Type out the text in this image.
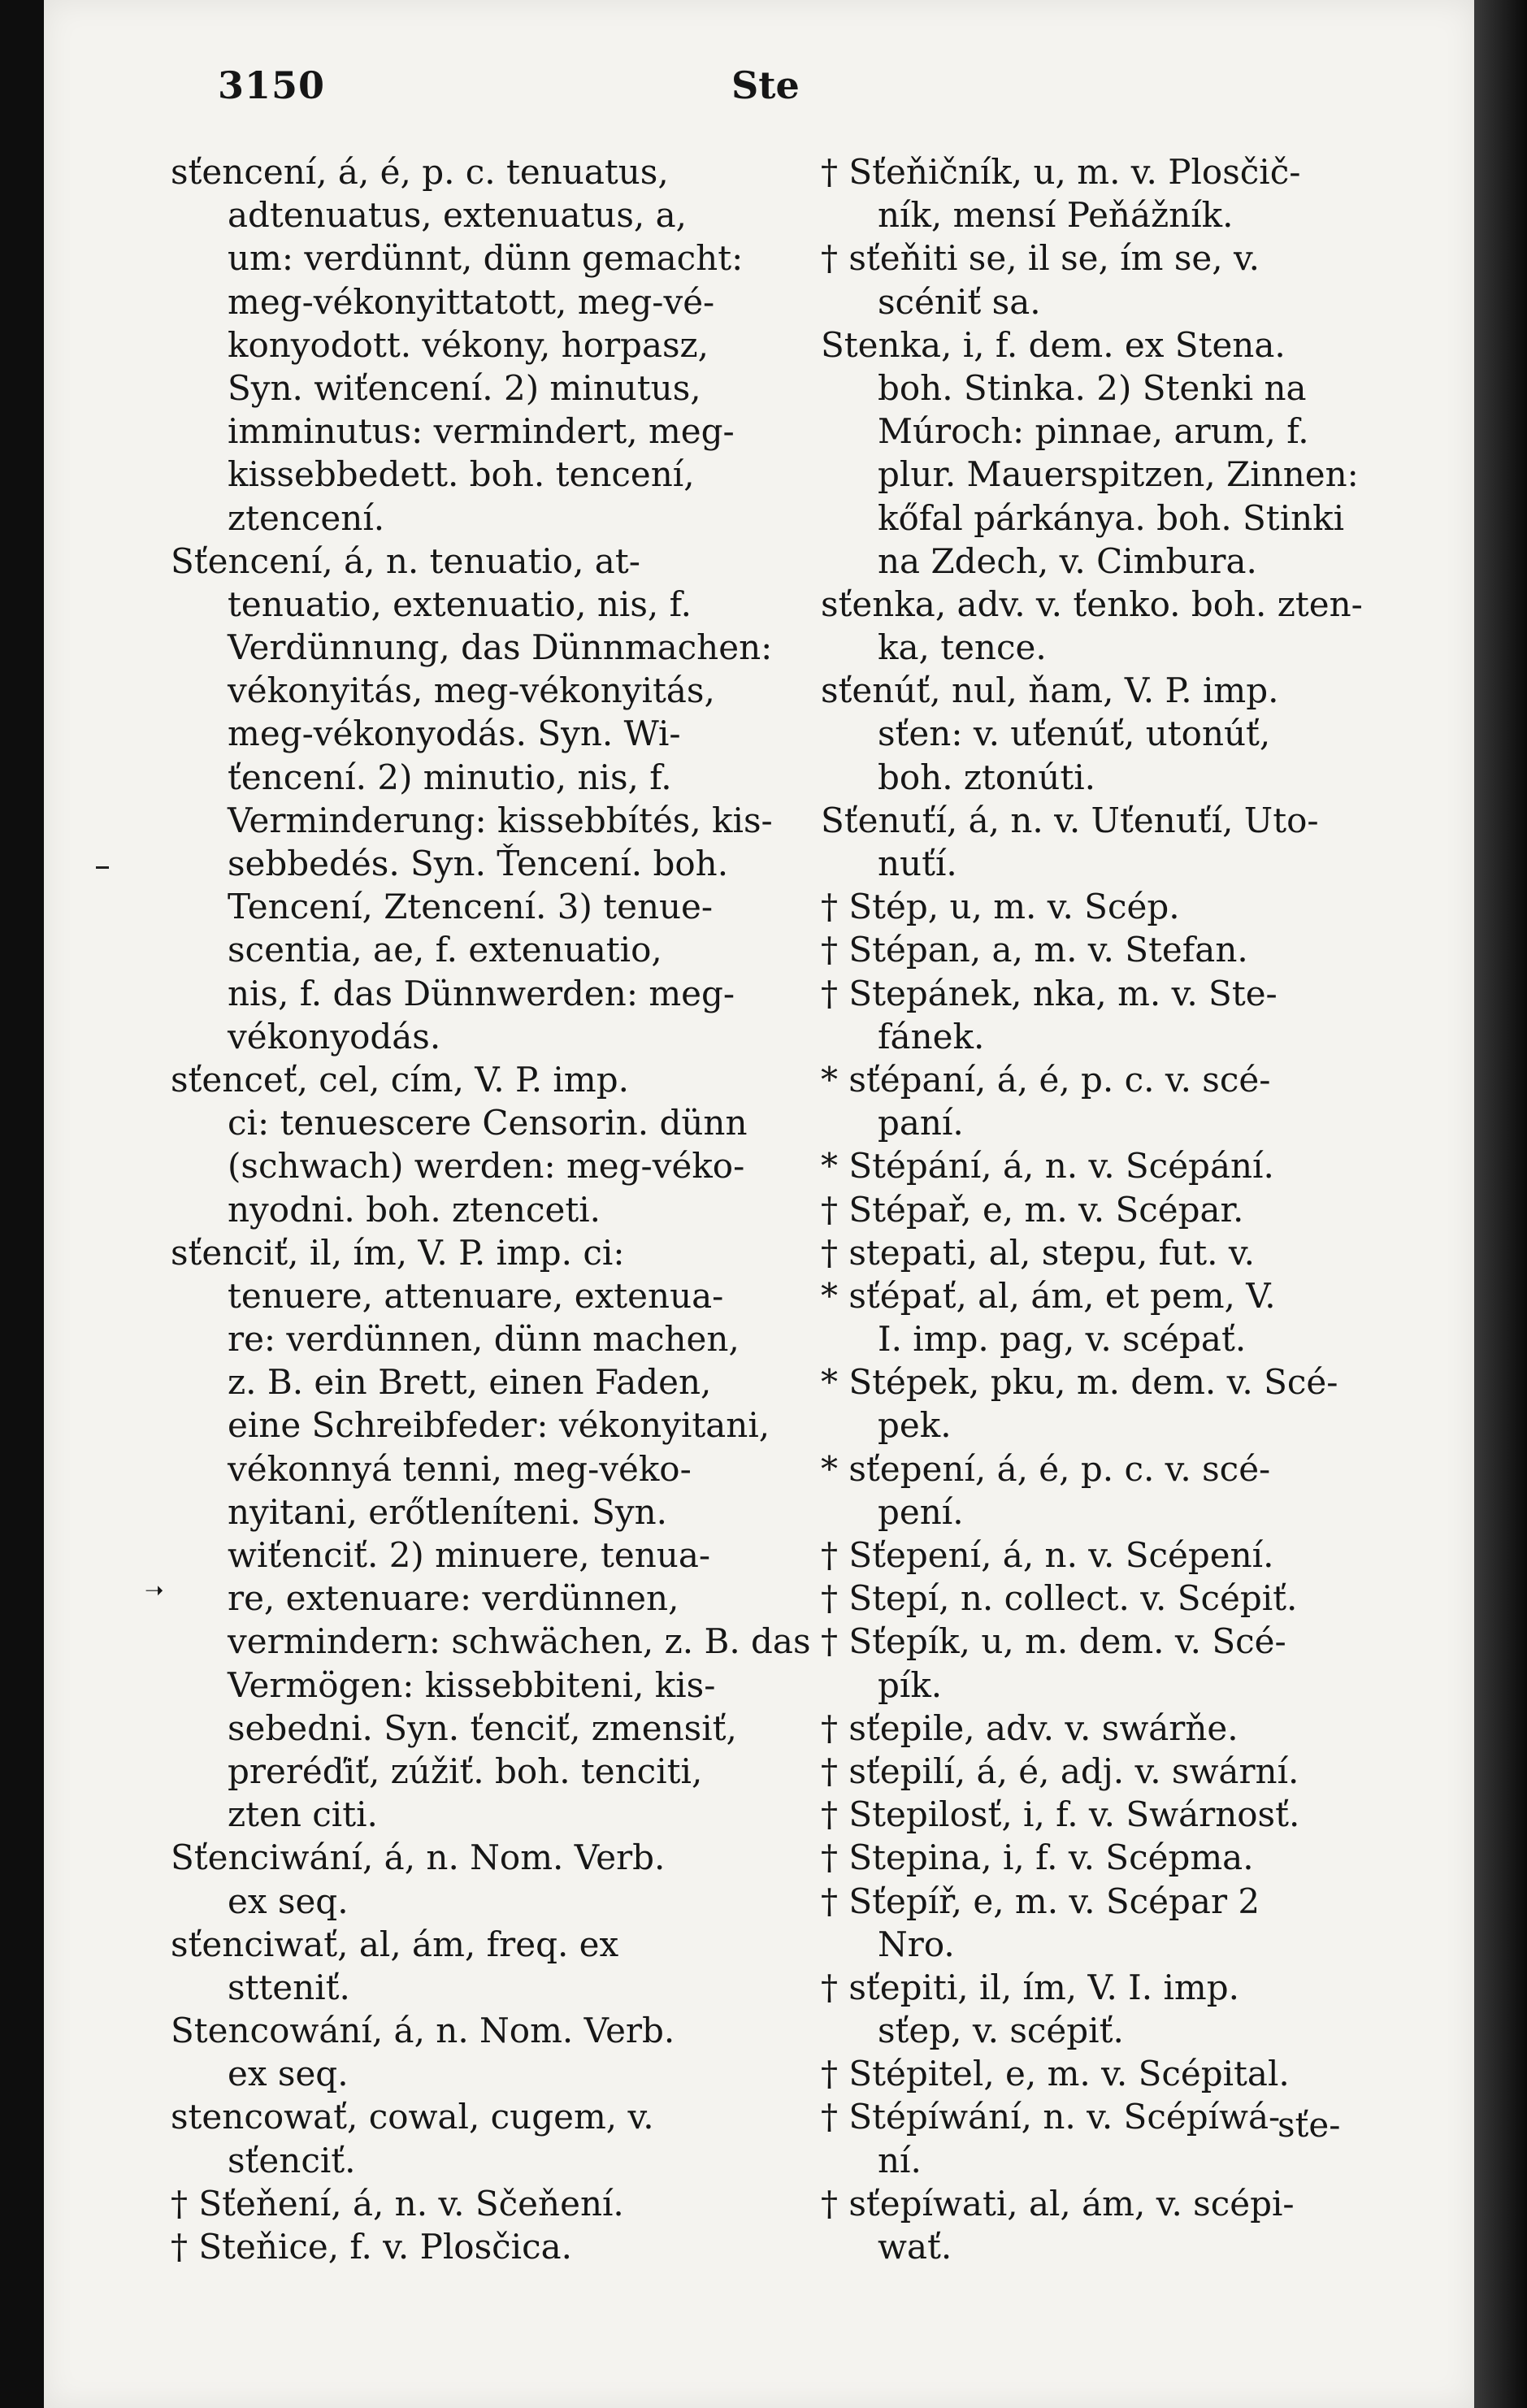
3150	Ste
sťencení, á, é, p. c. tenuatus,
adtenuatus, extenuatus, a,
um: verdünnt, dünn gemacht:
meg-vékonyittatott, meg-vé-
konyodott. vékony, horpasz,
Syn. wiťencení. 2) minutus,
imminutus: vermindert, meg-
kissebbedett. boh. tencení,
ztencení.
Sťencení, á, n. tenuatio, at-
tenuatio, extenuatio, nis, f.
Verdünnung, das Dünnmachen:
vékonyitás, meg-vékonyitás,
meg-vékonyodás. Syn. Wi-
ťencení. 2) minutio, nis, f.
Verminderung: kissebbítés, kis-
sebbedés. Syn. Ťencení. boh.
Tencení, Ztencení. 3) tenue-
scentia, ae, f. extenuatio,
nis, f. das Dünnwerden: meg-
vékonyodás.
sťenceť, cel, cím, V. P. imp.
ci: tenuescere Censorin. dünn
(schwach) werden: meg-véko-
nyodni. boh. ztenceti.
sťenciť, il, ím, V. P. imp. ci:
tenuere, attenuare, extenua-
re: verdünnen, dünn machen,
z. B. ein Brett, einen Faden,
eine Schreibfeder: vékonyitani,
vékonnyá tenni, meg-véko-
nyitani, erőtleníteni. Syn.
wiťenciť. 2) minuere, tenua-
re, extenuare: verdünnen,
vermindern: schwächen, z. B. das
Vermögen: kissebbiteni, kis-
sebedni. Syn. ťenciť, zmensiť,
preréďiť, zúžiť. boh. tenciti,
zten citi.
Sťenciwání, á, n. Nom. Verb.
ex seq.
sťenciwať, al, ám, freq. ex
stteniť.
Stencowání, á, n. Nom. Verb.
ex seq.
stencowať, cowal, cugem, v.
sťenciť.
† Sťeňení, á, n. v. Sčeňení.
† Steňice, f. v. Plosčica.
† Sťeňičník, u, m. v. Plosčič-
ník, mensí Peňážník.
† sťeňiti se, il se, ím se, v.
scéniť sa.
Stenka, i, f. dem. ex Stena.
boh. Stinka. 2) Stenki na
Múroch: pinnae, arum, f.
plur. Mauerspitzen, Zinnen:
kőfal párkánya. boh. Stinki
na Zdech, v. Cimbura.
sťenka, adv. v. ťenko. boh. zten-
ka, tence.
sťenúť, nul, ňam, V. P. imp.
sťen: v. uťenúť, utonúť,
boh. ztonúti.
Sťenuťí, á, n. v. Uťenuťí, Uto-
nuťí.
† Stép, u, m. v. Scép.
† Stépan, a, m. v. Stefan.
† Stepánek, nka, m. v. Ste-
fánek.
* sťépaní, á, é, p. c. v. scé-
paní.
* Stépání, á, n. v. Scépání.
† Stépař, e, m. v. Scépar.
† stepati, al, stepu, fut. v.
* sťépať, al, ám, et pem, V.
I. imp. pag, v. scépať.
* Stépek, pku, m. dem. v. Scé-
pek.
* sťepení, á, é, p. c. v. scé-
pení.
† Sťepení, á, n. v. Scépení.
† Stepí, n. collect. v. Scépiť.
† Sťepík, u, m. dem. v. Scé-
pík.
† sťepile, adv. v. swárňe.
† sťepilí, á, é, adj. v. swární.
† Stepilosť, i, f. v. Swárnosť.
† Stepina, i, f. v. Scépma.
† Sťepíř, e, m. v. Scépar 2
Nro.
† sťepiti, il, ím, V. I. imp.
sťep, v. scépiť.
† Stépitel, e, m. v. Scépital.
† Stépíwání, n. v. Scépíwá-
ní.
† sťepíwati, al, ám, v. scépi-
wať.
➝
sťe-
